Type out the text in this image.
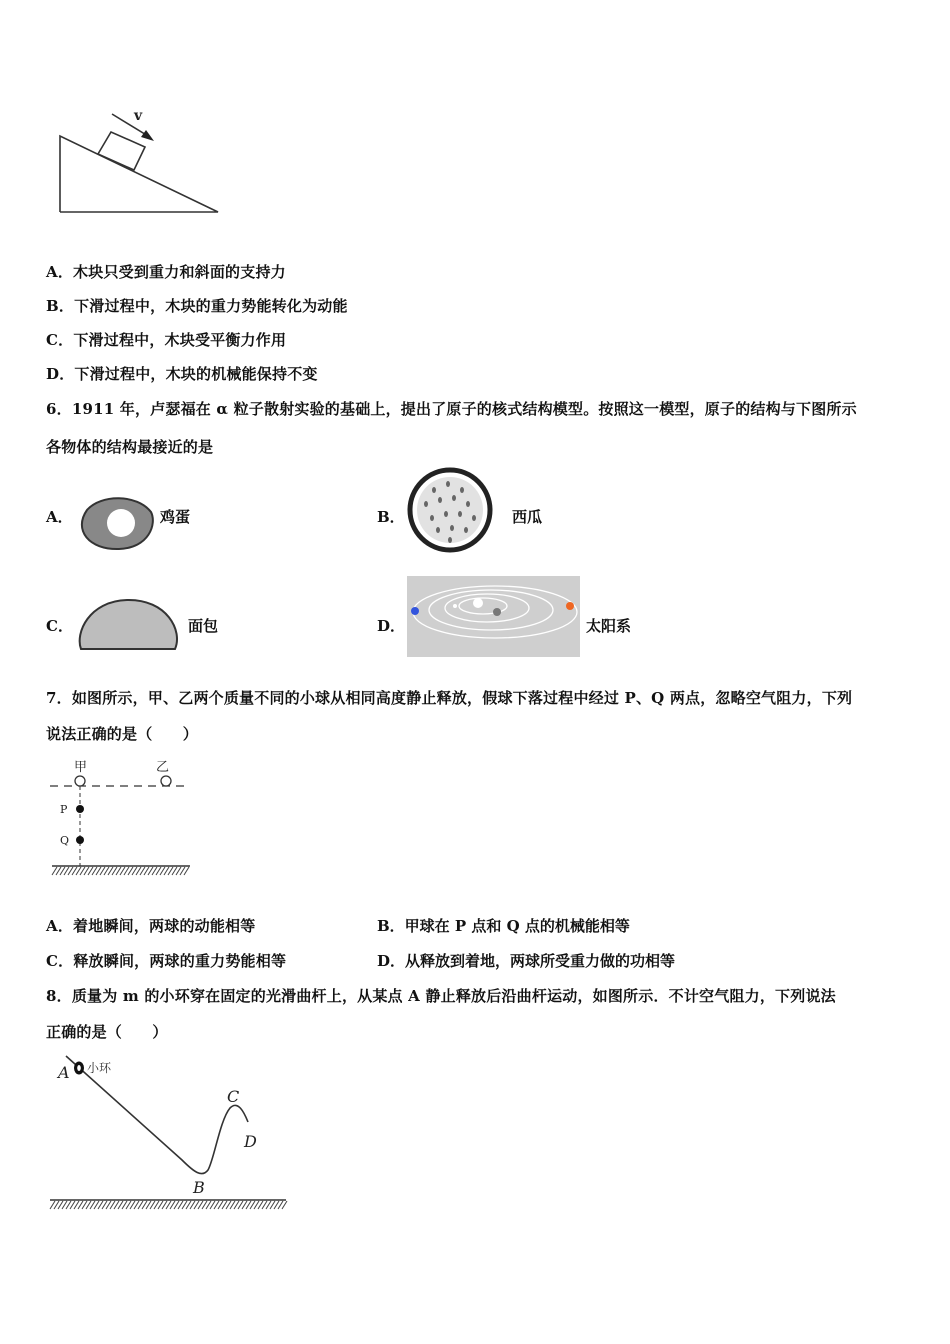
v
A．木块只受到重力和斜面的支持力
B．下滑过程中，木块的重力势能转化为动能
C．下滑过程中，木块受平衡力作用
D．下滑过程中，木块的机械能保持不变
6．1911 年，卢瑟福在 α 粒子散射实验的基础上，提出了原子的核式结构模型。按照这一模型，原子的结构与下图所示
各物体的结构最接近的是
A．	鸡蛋	B．	西瓜
C．	面包	D．	太阳系
7．如图所示，甲、乙两个质量不同的小球从相同高度静止释放，假球下落过程中经过 P、Q 两点，忽略空气阻力，下列
说法正确的是（　　）
甲	乙
P
Q
A．着地瞬间，两球的动能相等	B．甲球在 P 点和 Q 点的机械能相等
C．释放瞬间，两球的重力势能相等	D．从释放到着地，两球所受重力做的功相等
8．质量为 m 的小环穿在固定的光滑曲杆上，从某点 A 静止释放后沿曲杆运动，如图所示．不计空气阻力，下列说法
正确的是（　　）
A 小环
B
C
D
